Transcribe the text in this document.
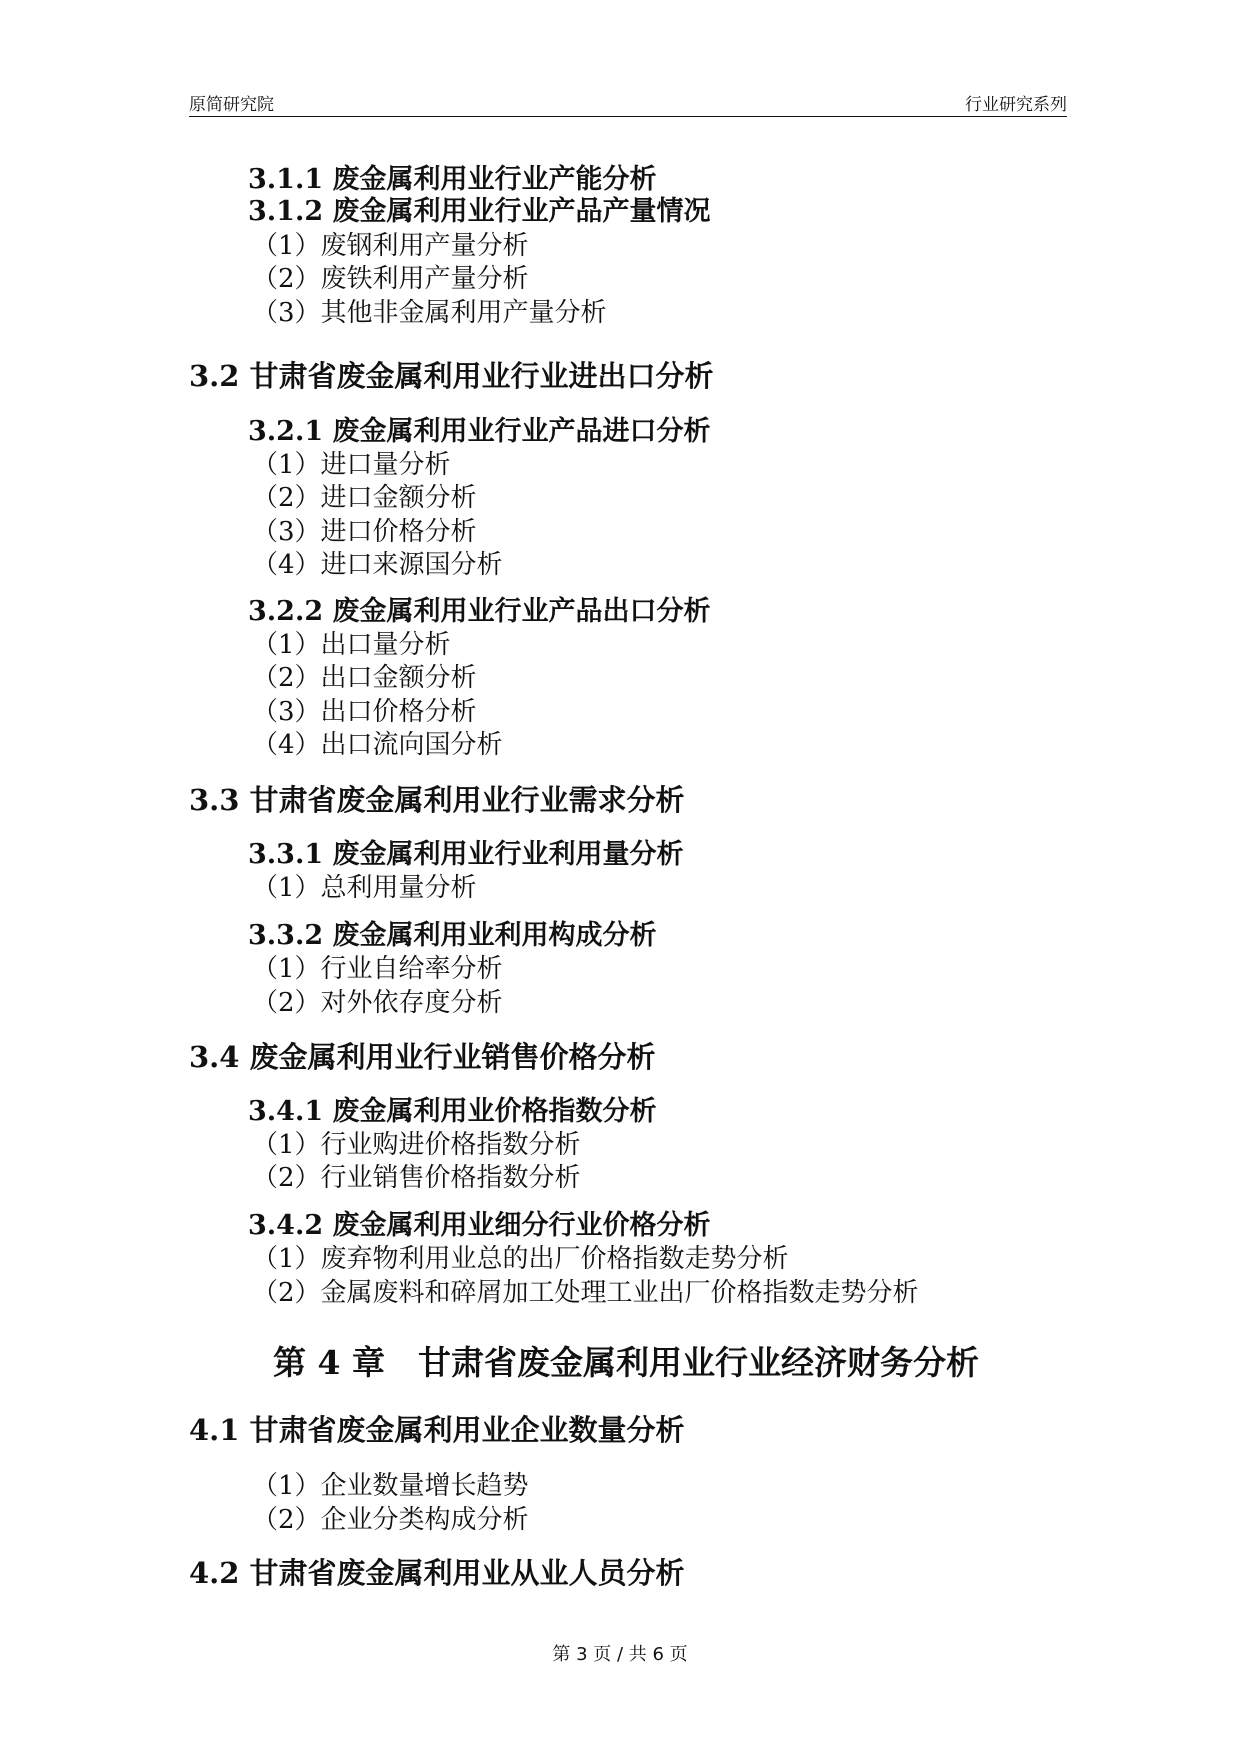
原简研究院	行业研究系列
3.1.1 废金属利用业行业产能分析
3.1.2 废金属利用业行业产品产量情况
（1）废钢利用产量分析
（2）废铁利用产量分析
（3）其他非金属利用产量分析
3.2 甘肃省废金属利用业行业进出口分析
3.2.1 废金属利用业行业产品进口分析
（1）进口量分析
（2）进口金额分析
（3）进口价格分析
（4）进口来源国分析
3.2.2 废金属利用业行业产品出口分析
（1）出口量分析
（2）出口金额分析
（3）出口价格分析
（4）出口流向国分析
3.3 甘肃省废金属利用业行业需求分析
3.3.1 废金属利用业行业利用量分析
（1）总利用量分析
3.3.2 废金属利用业利用构成分析
（1）行业自给率分析
（2）对外依存度分析
3.4 废金属利用业行业销售价格分析
3.4.1 废金属利用业价格指数分析
（1）行业购进价格指数分析
（2）行业销售价格指数分析
3.4.2 废金属利用业细分行业价格分析
（1）废弃物利用业总的出厂价格指数走势分析
（2）金属废料和碎屑加工处理工业出厂价格指数走势分析
第 4 章　甘肃省废金属利用业行业经济财务分析
4.1 甘肃省废金属利用业企业数量分析
（1）企业数量增长趋势
（2）企业分类构成分析
4.2 甘肃省废金属利用业从业人员分析
第 3 页 / 共 6 页
